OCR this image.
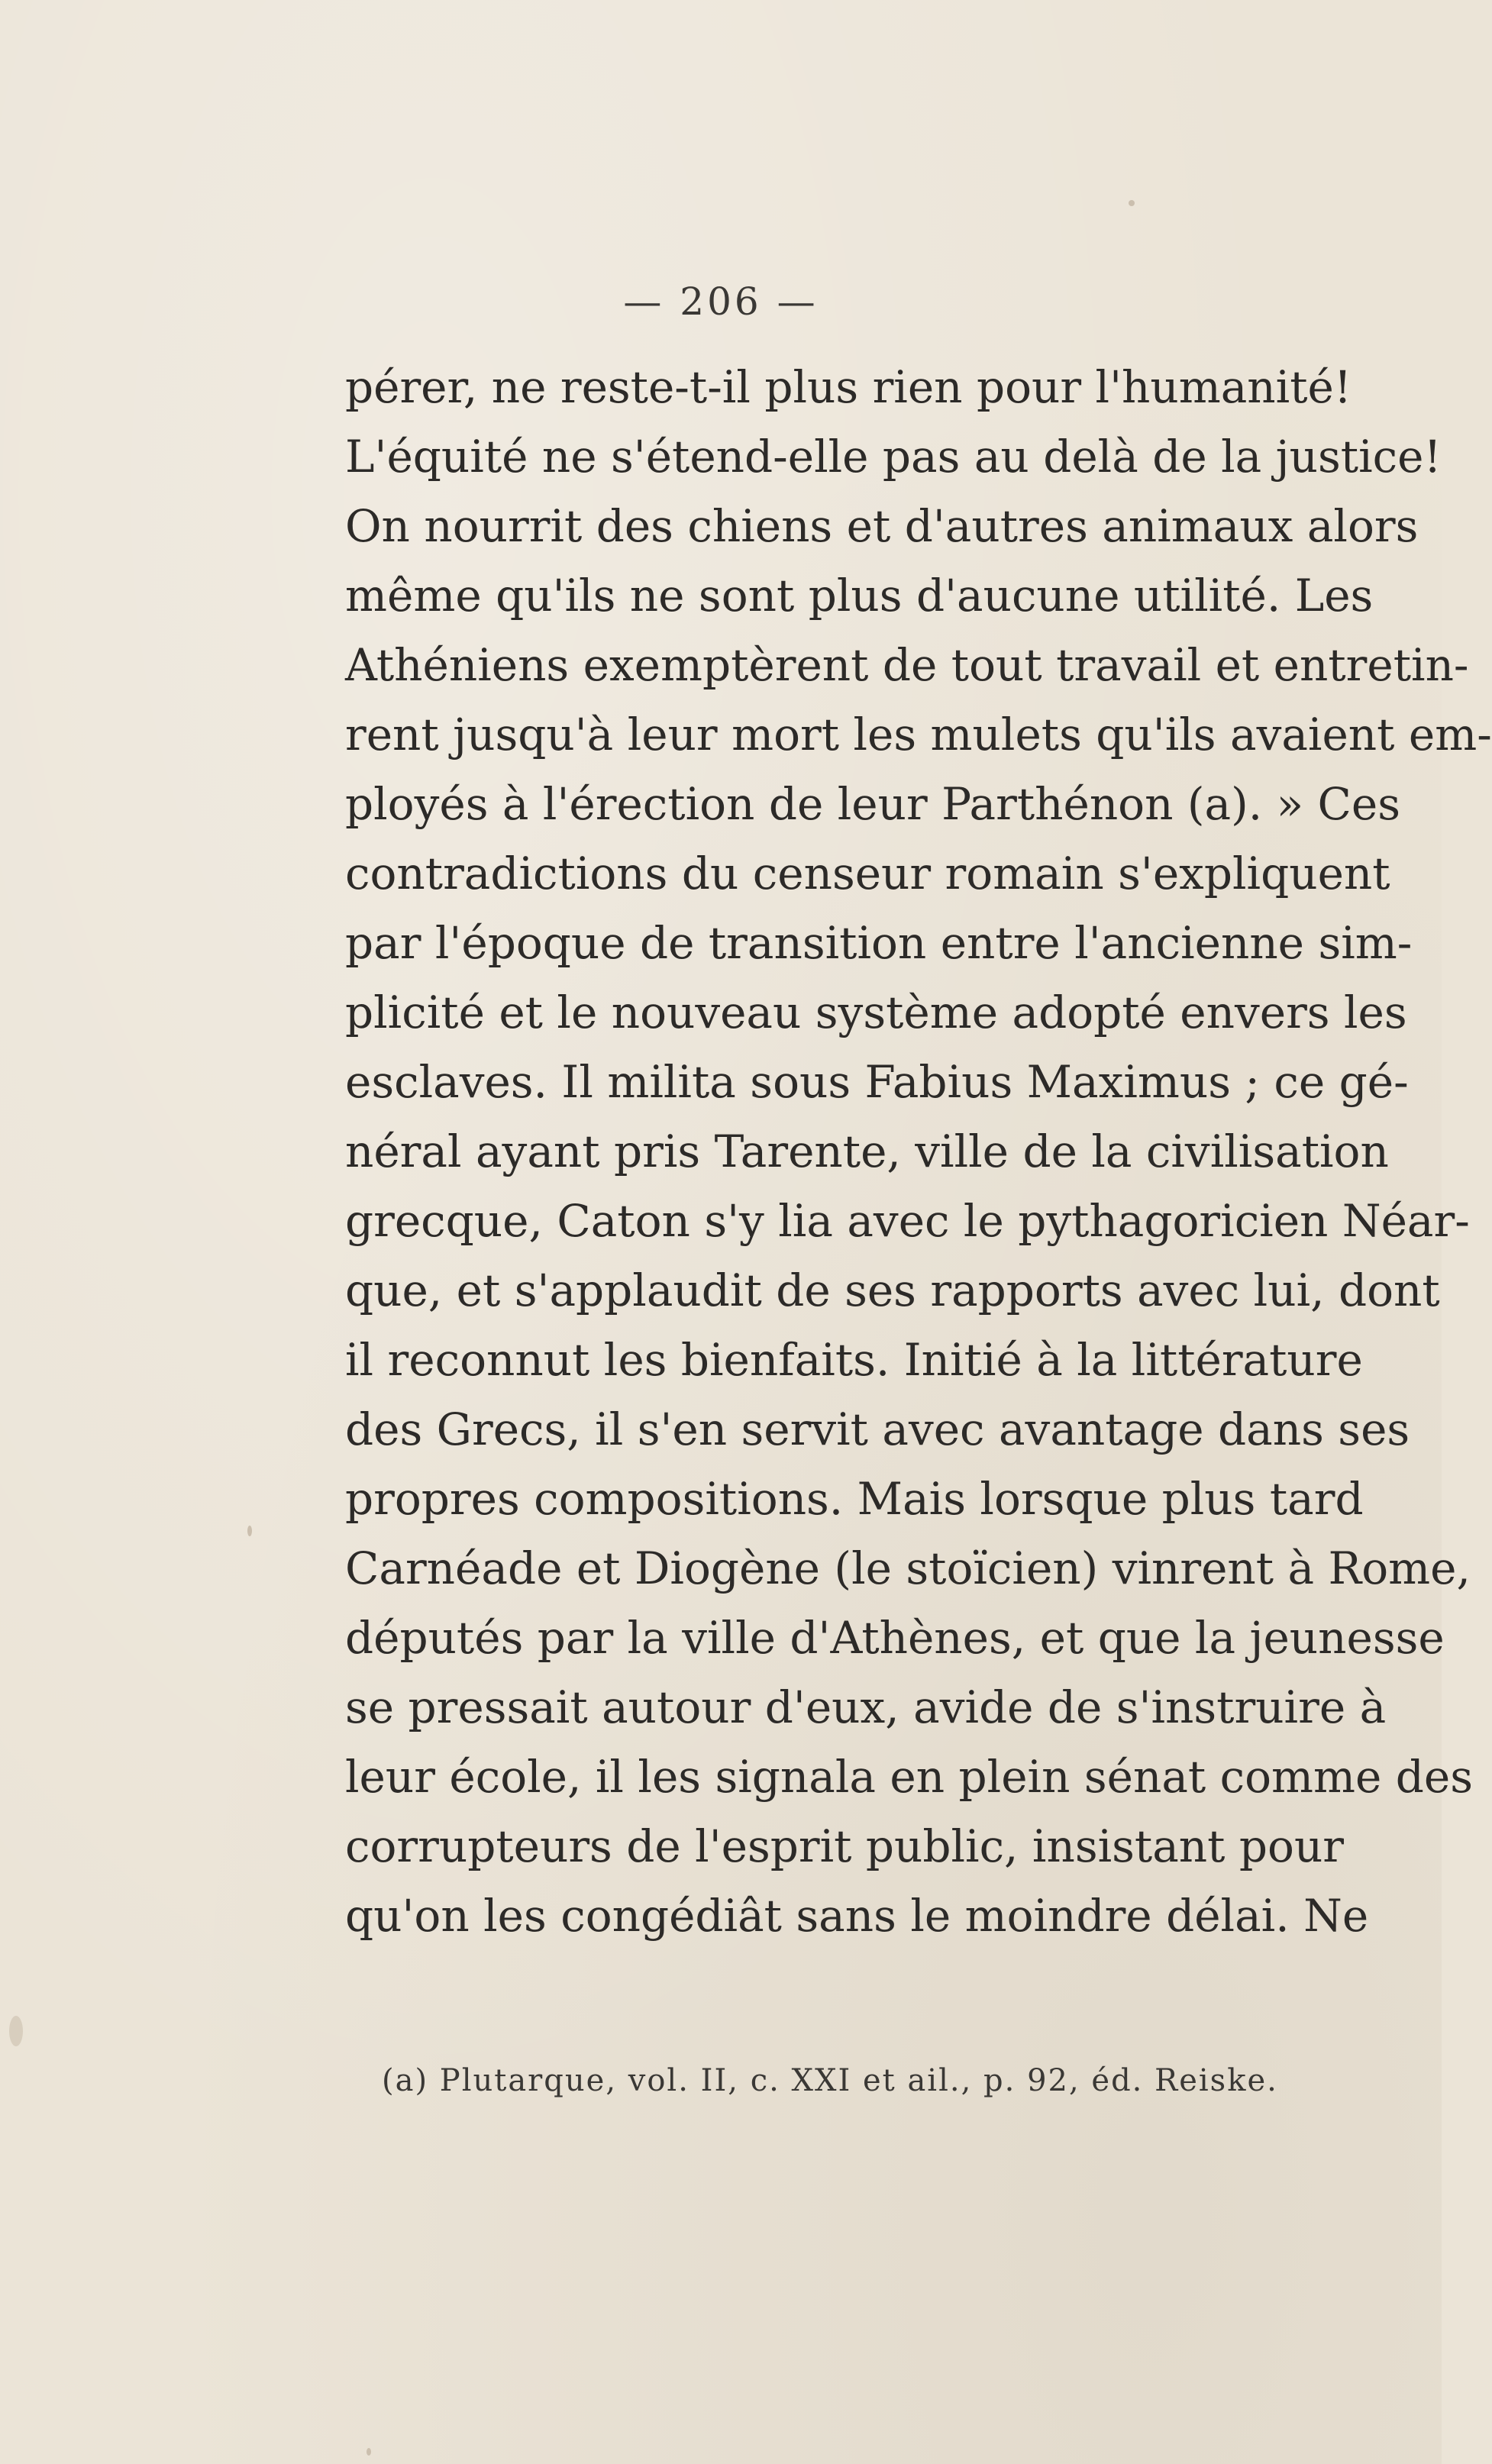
— 206 —
pérer, ne reste-t-il plus rien pour l'humanité!
L'équité ne s'étend-elle pas au delà de la justice!
On nourrit des chiens et d'autres animaux alors
même qu'ils ne sont plus d'aucune utilité. Les
Athéniens exemptèrent de tout travail et entretin-
rent jusqu'à leur mort les mulets qu'ils avaient em-
ployés à l'érection de leur Parthénon (a). » Ces
contradictions du censeur romain s'expliquent
par l'époque de transition entre l'ancienne sim-
plicité et le nouveau système adopté envers les
esclaves. Il milita sous Fabius Maximus ; ce gé-
néral ayant pris Tarente, ville de la civilisation
grecque, Caton s'y lia avec le pythagoricien Néar-
que, et s'applaudit de ses rapports avec lui, dont
il reconnut les bienfaits. Initié à la littérature
des Grecs, il s'en servit avec avantage dans ses
propres compositions. Mais lorsque plus tard
Carnéade et Diogène (le stoïcien) vinrent à Rome,
députés par la ville d'Athènes, et que la jeunesse
se pressait autour d'eux, avide de s'instruire à
leur école, il les signala en plein sénat comme des
corrupteurs de l'esprit public, insistant pour
qu'on les congédiât sans le moindre délai. Ne
(a) Plutarque, vol. II, c. XXI et ail., p. 92, éd. Reiske.
